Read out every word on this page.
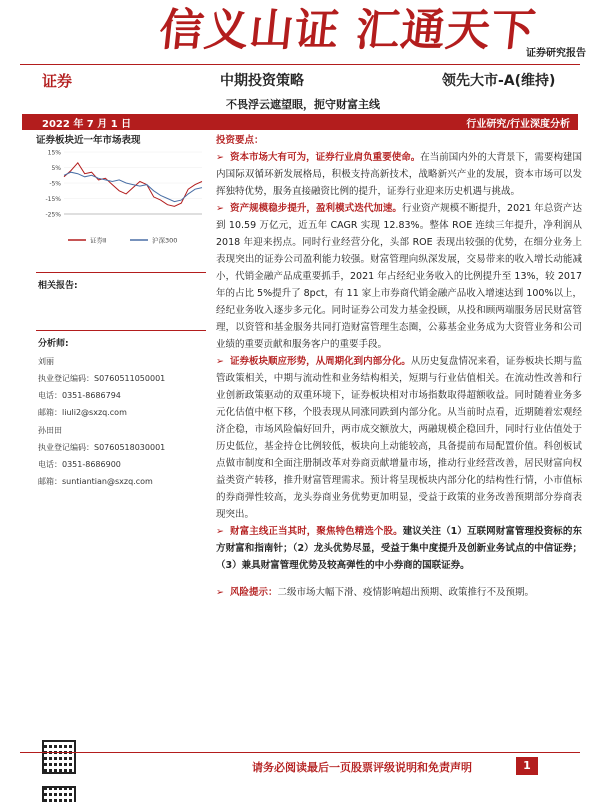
信义山证 汇通天下
证券研究报告
证券	中期投资策略	领先大市-A(维持)
不畏浮云遮望眼，扼守财富主线
2022 年 7 月 1 日	行业研究/行业深度分析
证券板块近一年市场表现
15%
5%
-5%
-15%
-25%
证券Ⅱ	沪深300
相关报告:
分析师:
刘丽
执业登记编码：S0760511050001
电话：0351-8686794
邮箱：liuli2@sxzq.com
孙田田
执业登记编码：S0760518030001
电话：0351-8686900
邮箱：suntiantian@sxzq.com
投资要点：

➢ 资本市场大有可为，证券行业肩负重要使命。在当前国内外的大背景下，需要构建国内国际双循环新发展格局，积极支持高新技术，战略新兴产业的发展，资本市场可以发挥独特优势，服务直接融资比例的提升，证券行业迎来历史机遇与挑战。

➢ 资产规模稳步提升，盈利模式迭代加速。行业资产规模不断提升，2021 年总资产达到 10.59 万亿元，近五年 CAGR 实现 12.83%。整体 ROE 连续三年提升，净利润从 2018 年迎来拐点。同时行业经营分化，头部 ROE 表现出较强的优势，在细分业务上表现突出的证券公司盈利能力较强。财富管理向纵深发展，交易带来的收入增长动能减小，代销金融产品成重要抓手，2021 年占经纪业务收入的比例提升至 13%，较 2017 年的占比 5%提升了 8pct，有 11 家上市券商代销金融产品收入增速达到 100%以上，经纪业务收入逐步多元化。同时证券公司发力基金投顾，从投和顾两端服务居民财富管理，以资管和基金服务共同打造财富管理生态圈，公募基金业务成为大资管业务和公司业绩的重要贡献和服务客户的重要手段。

➢ 证券板块顺应形势，从周期化到内部分化。从历史复盘情况来看，证券板块长期与监管政策相关，中期与流动性和业务结构相关，短期与行业估值相关。在流动性改善和行业创新政策驱动的双重环境下，证券板块相对市场指数取得超额收益。同时随着业务多元化估值中枢下移，个股表现从同涨同跌到内部分化。从当前时点看，近期随着宏观经济企稳，市场风险偏好回升，两市成交额放大，两融规模企稳回升，同时行业估值处于历史低位，基金持仓比例较低，板块向上动能较高，具备提前布局配置价值。科创板试点做市制度和全面注册制改革对券商贡献增量市场，推动行业经营改善，居民财富向权益类资产转移，推升财富管理需求。预计将呈现板块内部分化的结构性行情，小市值标的券商弹性较高，龙头券商业务优势更加明显，受益于政策的业务改善预期部分券商表现突出。

➢ 财富主线正当其时，聚焦特色精选个股。建议关注（1）互联网财富管理投资标的东方财富和指南针；（2）龙头优势尽显，受益于集中度提升及创新业务试点的中信证券；（3）兼具财富管理优势及较高弹性的中小券商的国联证券。

➢ 风险提示：二级市场大幅下滑、疫情影响超出预期、政策推行不及预期。

请务必阅读最后一页股票评级说明和免责声明	1
